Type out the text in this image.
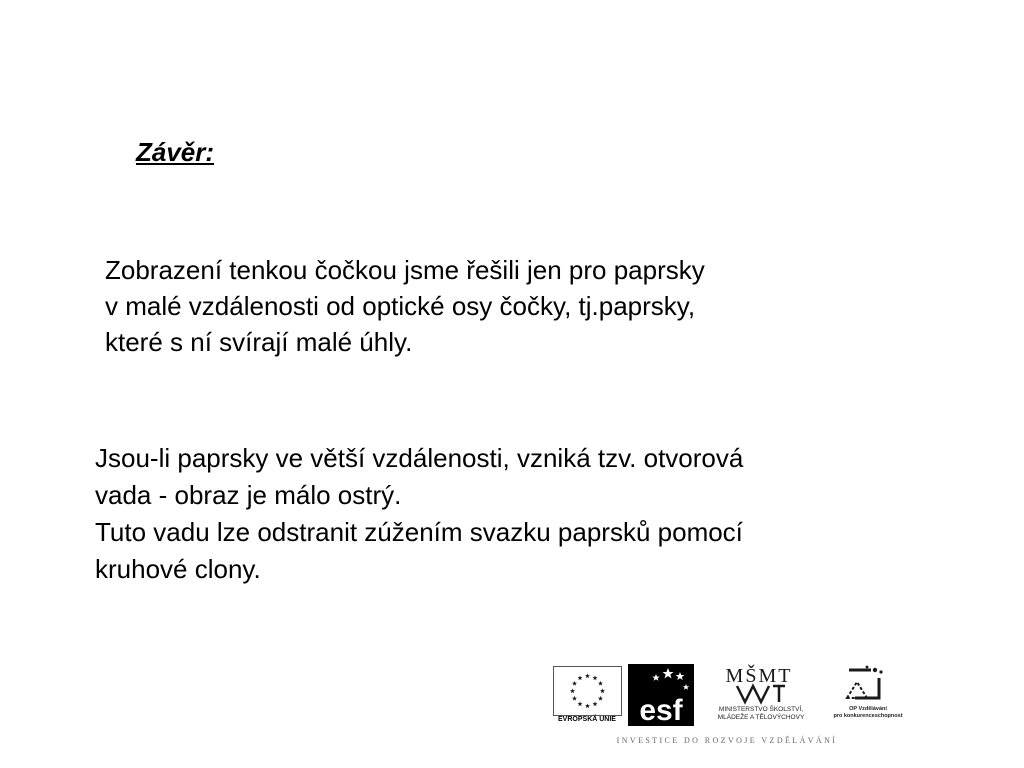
Závěr:
Zobrazení tenkou čočkou jsme řešili jen pro paprsky
v malé vzdálenosti od optické osy čočky, tj.paprsky,
které s ní svírají malé úhly.
Jsou-li paprsky ve větší vzdálenosti, vzniká tzv. otvorová
vada - obraz je málo ostrý.
Tuto vadu lze odstranit zúžením svazku paprsků pomocí
kruhové clony.
EVROPSKÁ UNIE esf
MŠMT
MINISTERSTVO ŠKOLSTVÍ,
MLÁDEŽE A TĚLOVÝCHOVY
OP Vzdělávání
pro konkurenceschopnost
INVESTICE DO ROZVOJE VZDĚLÁVÁNÍ
